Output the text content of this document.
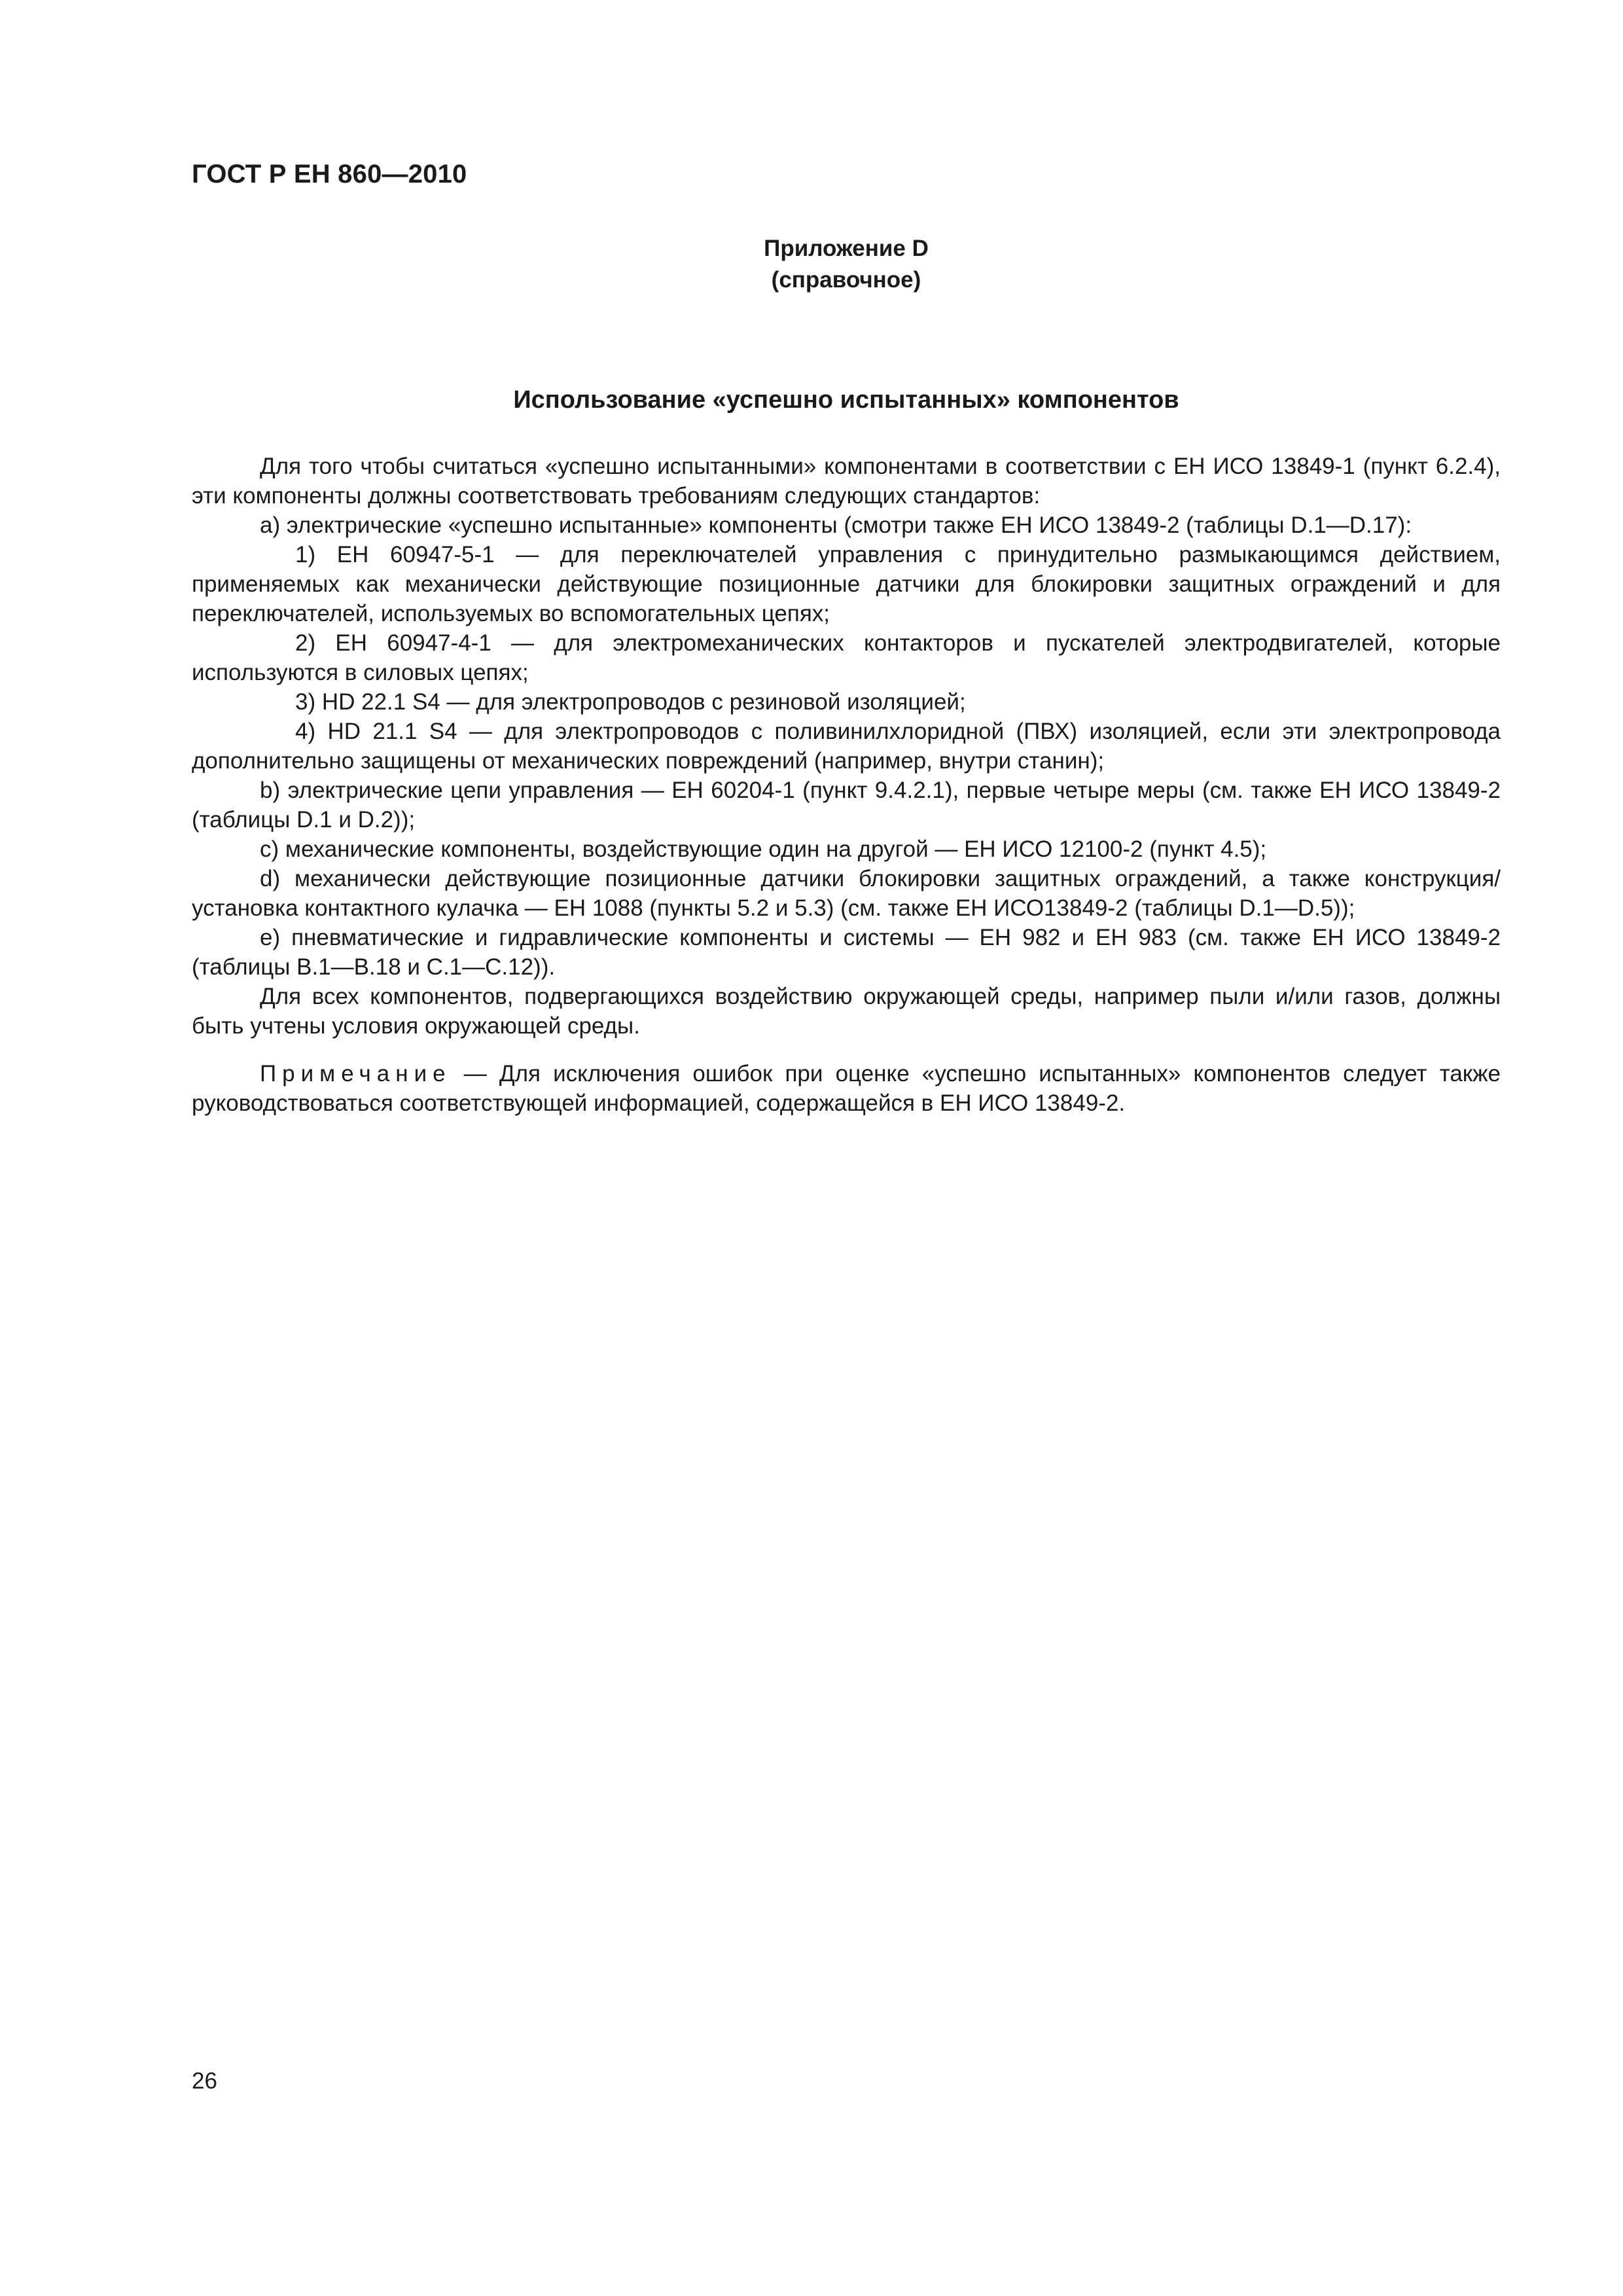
ГОСТ Р ЕН 860—2010
Приложение D
(справочное)
Использование «успешно испытанных» компонентов

Для того чтобы считаться «успешно испытанными» компонентами в соответствии с ЕН ИСО 13849-1 (пункт 6.2.4), эти компоненты должны соответствовать требованиям следующих стандартов:

a) электрические «успешно испытанные» компоненты (смотри также ЕН ИСО 13849-2 (таблицы D.1—D.17):

1) ЕН 60947-5-1 — для переключателей управления с принудительно размыкающимся действием, применяемых как механически действующие позиционные датчики для блокировки защитных ограждений и для переключателей, используемых во вспомогательных цепях;

2) ЕН 60947-4-1 — для электромеханических контакторов и пускателей электродвигателей, которые используются в силовых цепях;

3) HD 22.1 S4 — для электропроводов с резиновой изоляцией;

4) HD 21.1 S4 — для электропроводов с поливинилхлоридной (ПВХ) изоляцией, если эти электропровода дополнительно защищены от механических повреждений (например, внутри станин);

b) электрические цепи управления — ЕН 60204-1 (пункт 9.4.2.1), первые четыре меры (см. также ЕН ИСО 13849-2 (таблицы D.1 и D.2));

c) механические компоненты, воздействующие один на другой — ЕН ИСО 12100-2 (пункт 4.5);

d) механически действующие позиционные датчики блокировки защитных ограждений, а также конструкция/установка контактного кулачка — ЕН 1088 (пункты 5.2 и 5.3) (см. также ЕН ИСО13849-2 (таблицы D.1—D.5));

e) пневматические и гидравлические компоненты и системы — ЕН 982 и ЕН 983 (см. также ЕН ИСО 13849-2 (таблицы B.1—B.18 и C.1—C.12)).

Для всех компонентов, подвергающихся воздействию окружающей среды, например пыли и/или газов, должны быть учтены условия окружающей среды.

Примечание — Для исключения ошибок при оценке «успешно испытанных» компонентов следует также руководствоваться соответствующей информацией, содержащейся в ЕН ИСО 13849-2.

26
